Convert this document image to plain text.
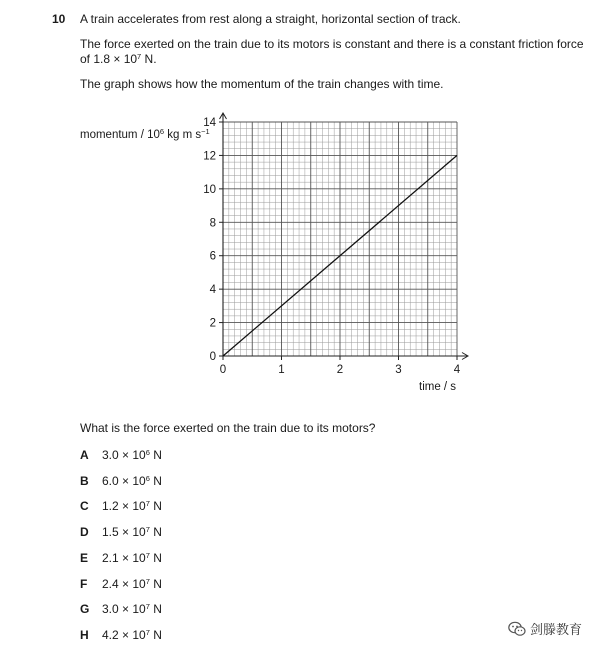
10 A train accelerates from rest along a straight, horizontal section of track.
The force exerted on the train due to its motors is constant and there is a constant friction force
of $1.8 \times 10^7$ N.
The graph shows how the momentum of the train changes with time.
momentum / $10^6$ kg m $s^{-1}$
0	1	2	3	4
0
2
4
6
8
10
12
14
time / s
What is the force exerted on the train due to its motors?
A $3.0 \times 10^6$ N
B $6.0 \times 10^6$ N
C $1.2 \times 10^7$ N
D $1.5 \times 10^7$ N
E $2.1 \times 10^7$ N
F $2.4 \times 10^7$ N
G $3.0 \times 10^7$ N
H $4.2 \times 10^7$ N	剑滕教育
